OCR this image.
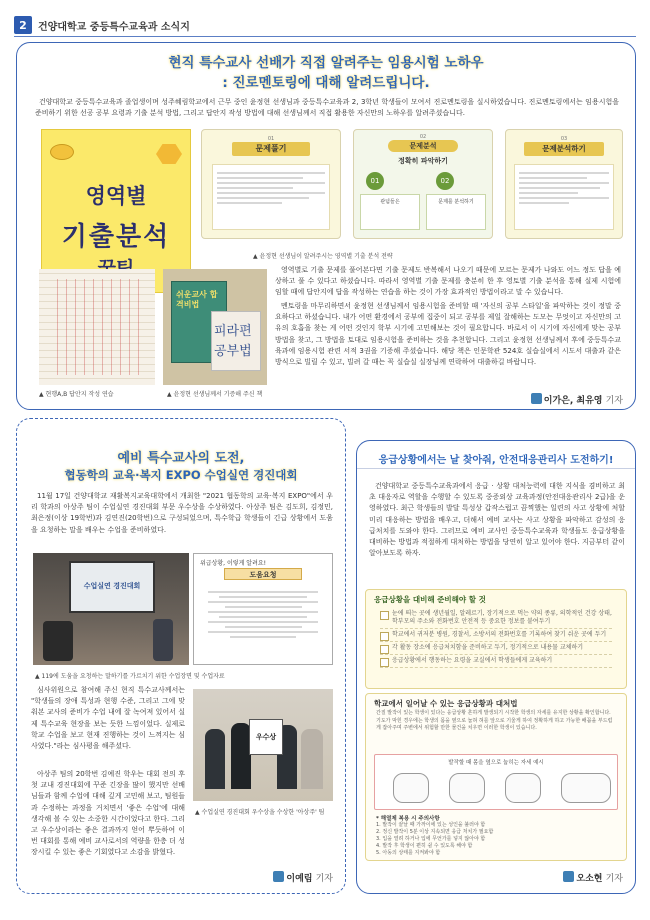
2	건양대학교 중등특수교육과 소식지
현직 특수교사 선배가 직접 알려주는 임용시험 노하우
: 진로멘토링에 대해 알려드립니다.
건양대학교 중등특수교육과 졸업생이며 성주혜림학교에서 근무 중인 윤정현 선생님과 중등특수교육과 2, 3학년 학생들이 모여서 진로멘토링을 실시하였습니다. 진로멘토링에서는 임용시험을 준비하기 위한 선공 공부 요령과 기출 분석 방법, 그리고 답안지 작성 방법에 대해 선생님께서 직접 활용한 자신만의 노하우를 알려주셨습니다.
영역별
기출분석
01
문제풀기
02
문제분석
정확히 파악하기
01	02
관념들은	문제를 분석하기
03
문제분석하기
▲ 윤정현 선생님이 알려주시는 영역별 기출 분석 전략
▲ 현행A,B 답안지 작성 연습
쉬운교사 합격비법
피라편
공부법
▲ 윤정현 선생님께서 기증해 주신 책
영역별로 기출 문제를 풀어본다면 기출 문제도 반복해서 나오기 때문에 모르는 문제가 나와도 어느 정도 답을 예상하고 풀 수 있다고 하셨습니다. 따라서 영역별 기출 문제를 충분히 한 후 영토별 기출 분석을 통해 실제 시험에 임할 때에 답안지에 답을 작성하는 연습을 하는 것이 가장 효과적인 방법이라고 말 수 있습니다.
멘토링을 마무리하면서 윤정현 선생님께서 임용시험을 준비할 때 '자신의 공부 스타일'을 파악하는 것이 정말 중요하다고 하셨습니다. 내가 어떤 환경에서 공부에 집중이 되고 공부를 제일 잘해하는 도모는 무엇이고 자신만의 고유의 호흡을 찾는 게 어떤 것인지 학부 시기에 고민해보는 것이 필요합니다. 바로서 이 시기에 자신에게 맞는 공부 방법을 찾고, 그 방법을 토대로 임용시험을 준비하는 것을 추천합니다. 그리고 윤정현 선생님께서 후에 중등특수교육과에 임용시험 관련 서적 3권을 기증해 주셨습니다. 해당 책은 인문학관 524호 실습실에서 시도서 대출과 같은 방식으로 빌릴 수 있고, 빌려 갈 때는 꼭 실습실 실장님께 연락하여 대출하길 바랍니다.
이가은, 최유영 기자
예비 특수교사의 도전,
협동학의 교육·복지 EXPO 수업실연 경진대회
11월 17일 건양대학교 재활복지교육대학에서 개최한 "2021 협동학의 교육·복지 EXPO"에서 우리 학과의 아상주 팀이 수업실연 경진대회 부문 우수상을 수상하였다. 아상주 팀은 김도희, 김정민, 최은정(이상 19학번)과 김연진(20학번)으로 구성되었으며, 특수학급 학생들이 긴급 상황에서 도움을 요청하는 말을 배우는 수업을 준비하였다.
수업실연 경진대회
위급상황, 이렇게 알려요!
도움요청
▲ 119에 도움을 요청하는 말하기를 가르치기 위한 수업장면 및 수업자료
심사위원으로 참여해 주신 현직 특수교사께서는 "학생들의 장애 특성과 현행 수준, 그리고 그에 맞춰본 교사의 준비가 수업 내에 잘 녹여져 있어서 실제 특수교육 현장을 보는 듯한 느낌이었다. 실제로 학교 수업을 보고 현재 진행하는 것이 느껴지는 심사였다."라는 심사평을 해주셨다.
우수상
▲ 수업실연 경진대회 우수상을 수상한 '아상주' 팀
아상주 팀의 20학번 김예진 학우는 대회 전의 후 첫 교내 경진대회에 꾸준 긴장을 많이 했지만 선배님들과 함께 수업에 대해 깊게 고민해 보고, 팀원들과 수정하는 과정을 거치면서 '좋은 수업'에 대해 생각해 볼 수 있는 소중한 시간이었다고 한다. 그리고 우수상이라는 좋은 결과까지 얻어 뿌듯하여 이번 대회를 통해 예비 교사로서의 역량을 한층 더 성장시킬 수 있는 좋은 기회였다고 소감을 밝혔다.
이예림 기자
응급상황에서는 날 찾아줘, 안전대응관리사 도전하기!
건양대학교 중등특수교육과에서 응급 · 상황 대처능력에 대한 지식을 겸비하고 최초 대응자로 역할을 수행할 수 있도록 중증외상 교육과정(안전대응관리사 2급)을 운영하였다. 최근 학생들의 발달 특성상 갑작스럽고 끔찍했는 일련의 사고 상황에 처할 미리 대응하는 방법을 배우고, 더해서 예비 교사는 사고 상황을 파악하고 감성의 응급처치를 도와야 한다. 그러므로 예비 교사인 중등특수교육과 학생들도 응급상황을 대비하는 방법과 적절하게 대처하는 방법을 당연히 알고 있어야 한다. 지금부터 같이 알아보도록 하자.
응급상황을 대비해 준비해야 할 것
눈에 띄는 곳에 생년월일, 알레르기, 장기적으로 먹는 약의 종류, 의학적인 건강 상태, 학부모의 주소와 전화번호 안전적 등 중요한 정보를 붙여두기
학교에서 귀저분 병원, 경찰서, 소방서의 전화번호를 기록하여 찾기 쉬운 곳에 두기
각 활동 장소에 응급처치함을 준비하고 두기, 정기적으로 내용물 교체하기
응급상황에서 행동하는 요령을 교실에서 학생들에게 교육하기
학교에서 일어날 수 있는 응급상황과 대처법
간질 발작이 있는 학생이 있다는 응급상황 흔하게 발생되기 시작한 학생의 자세를 유지한 상황을 확인합니다. 기도가 막힌 경우에는 학생의 몸을 옆으로 눕혀 혀를 앞으로 기울게 하여 정확하게 하고 가능한 배꼽을 부드럽게 잡아주며 주변에서 위험할 만한 물건을 치우면 이러한 학생이 있습니다.
발작할 때 몸을 옆으로 눕히는 자세 예시
* 해열제 복용 시 주의사항
1. 발작이 끝날 때 가까이에 있는 성인을 불러야 함
2. 정신 발작이 5분 이상 지속되면 응급 처치가 필요함
3. 입을 열려 하거나 입에 무언가를 넣지 않아야 함
4. 발작 후 학생이 편히 쉴 수 있도록 해야 함
5. 아동의 상태를 지켜봐야 함
오소현 기자
